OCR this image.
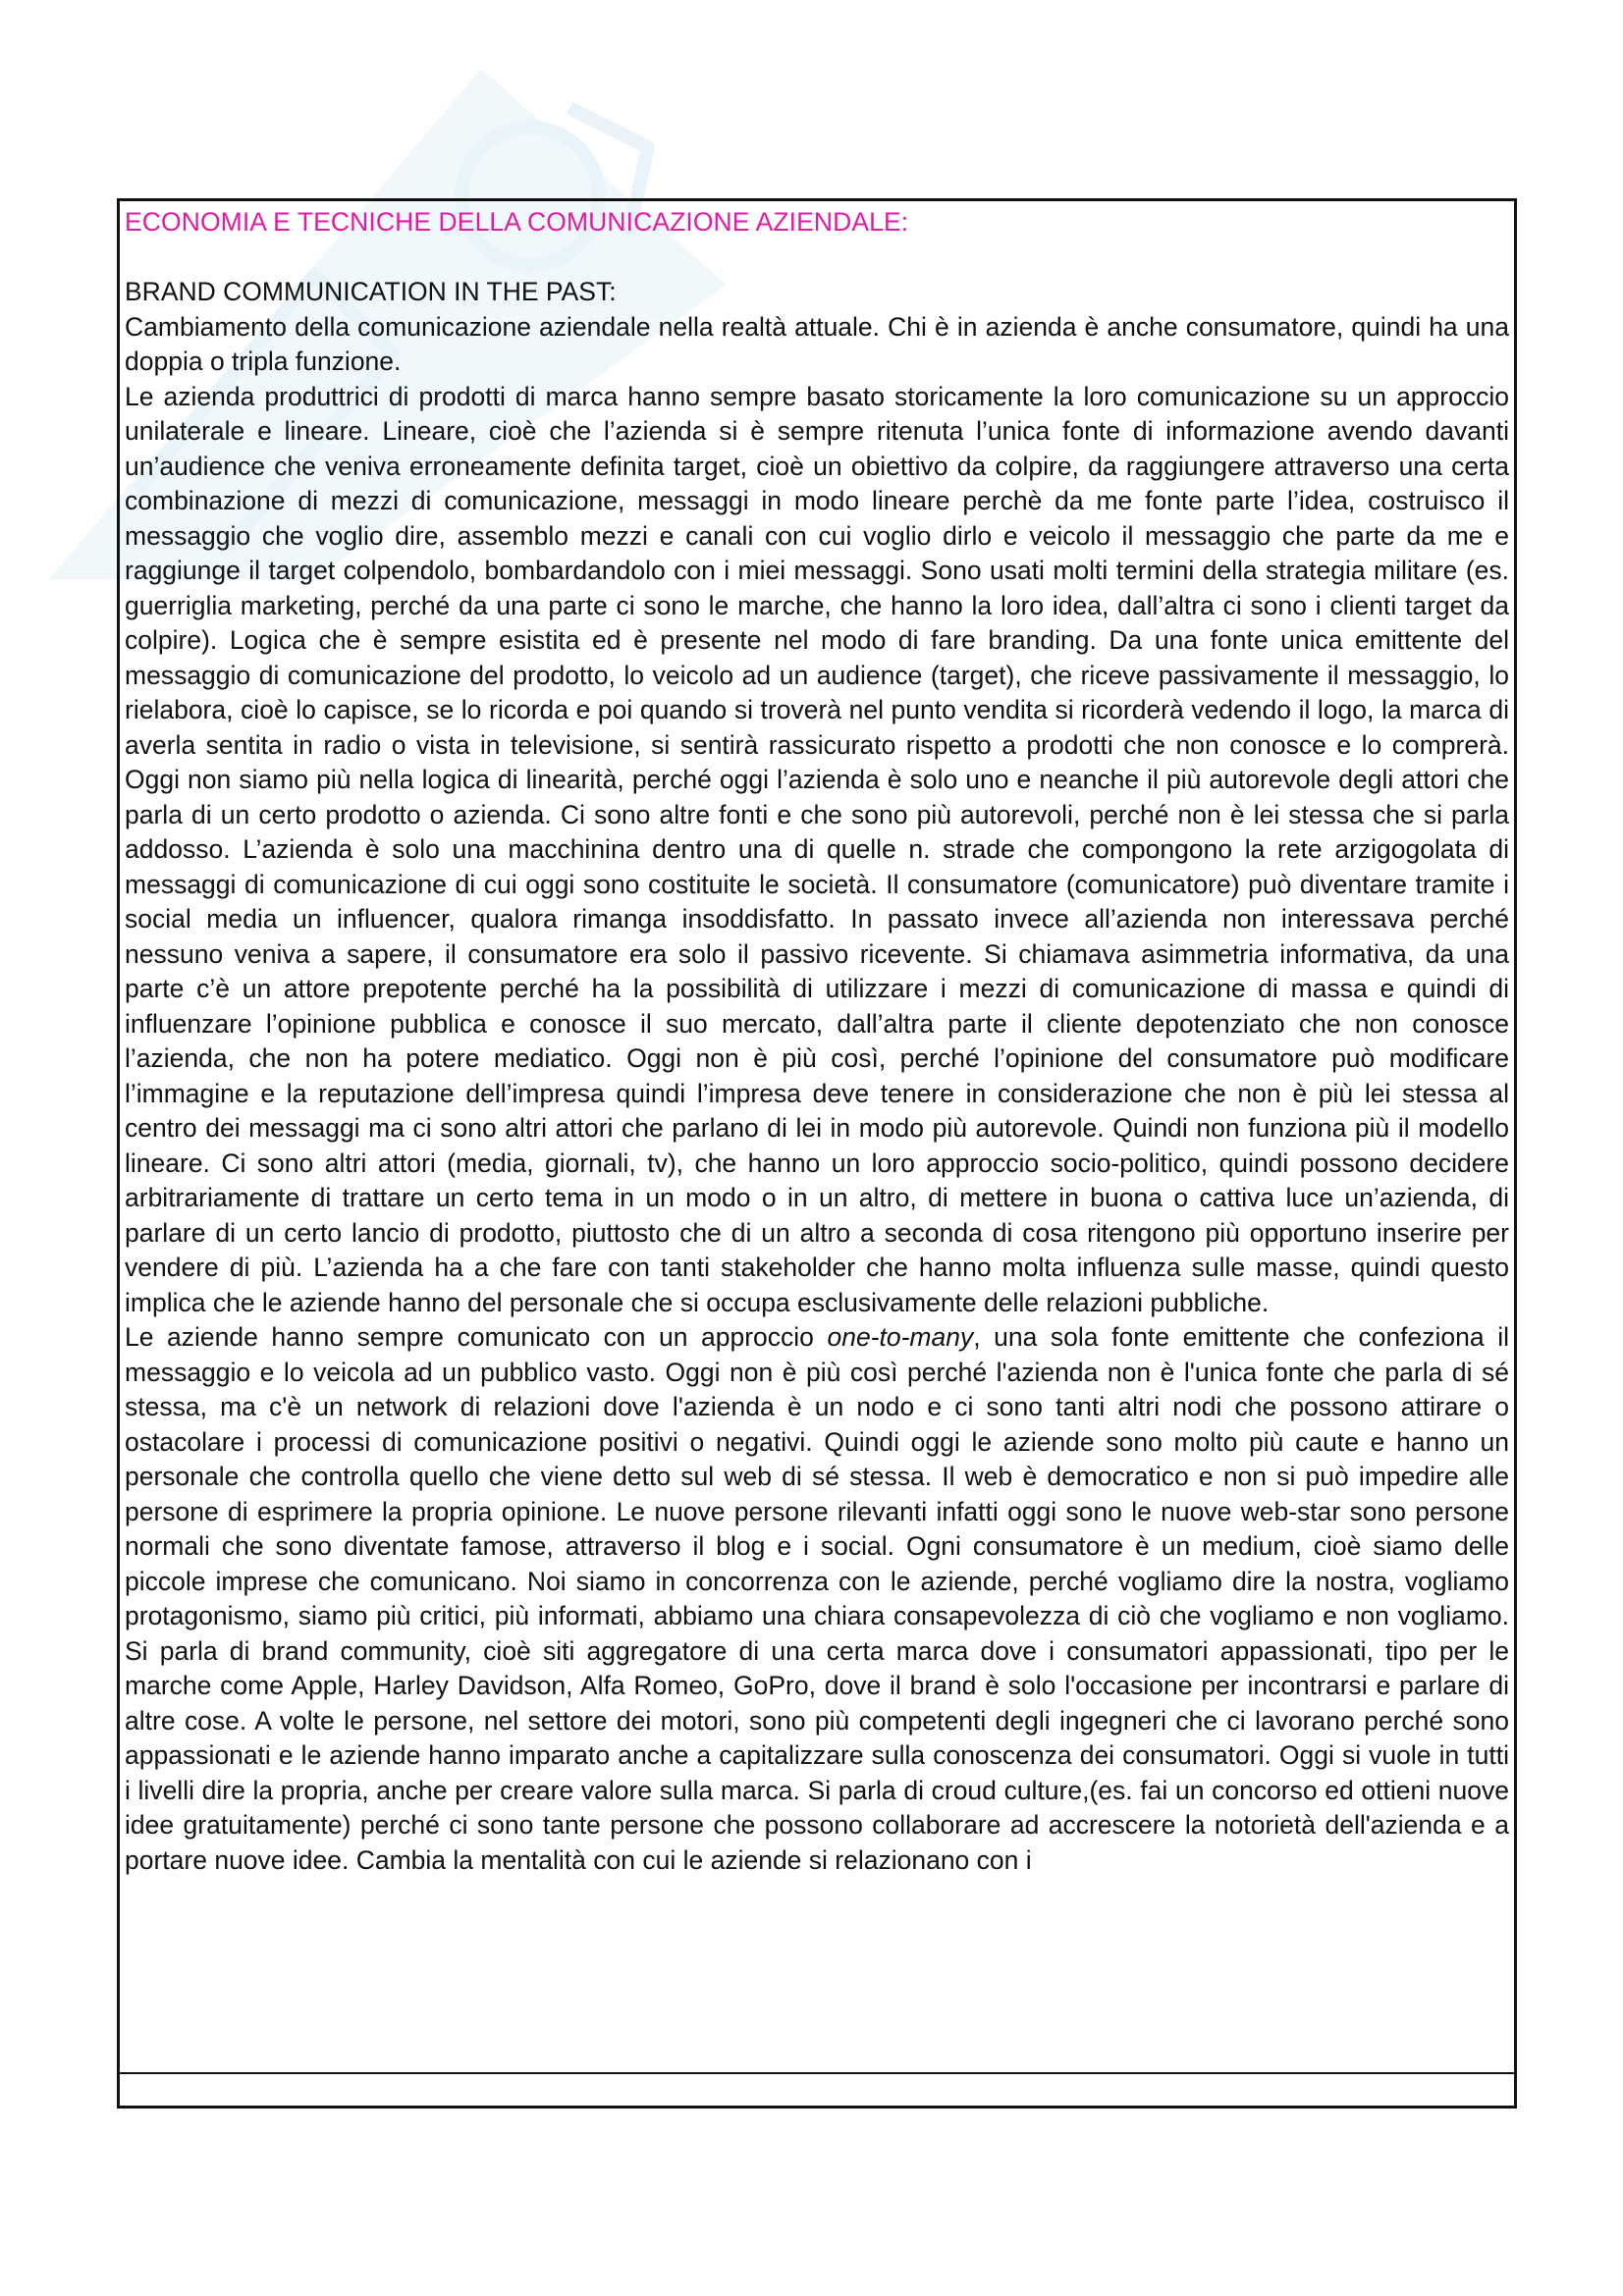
ECONOMIA E TECNICHE DELLA COMUNICAZIONE AZIENDALE:
BRAND COMMUNICATION IN THE PAST:

Cambiamento della comunicazione aziendale nella realtà attuale. Chi è in azienda è anche consumatore, quindi ha una doppia o tripla funzione.

Le azienda produttrici di prodotti di marca hanno sempre basato storicamente la loro comunicazione su un approccio unilaterale e lineare. Lineare, cioè che l’azienda si è sempre ritenuta l’unica fonte di informazione avendo davanti un’audience che veniva erroneamente definita target, cioè un obiettivo da colpire, da raggiungere attraverso una certa combinazione di mezzi di comunicazione, messaggi in modo lineare perchè da me fonte parte l’idea, costruisco il messaggio che voglio dire, assemblo mezzi e canali con cui voglio dirlo e veicolo il messaggio che parte da me e raggiunge il target colpendolo, bombardandolo con i miei messaggi. Sono usati molti termini della strategia militare (es. guerriglia marketing, perché da una parte ci sono le marche, che hanno la loro idea, dall’altra ci sono i clienti target da colpire). Logica che è sempre esistita ed è presente nel modo di fare branding. Da una fonte unica emittente del messaggio di comunicazione del prodotto, lo veicolo ad un audience (target), che riceve passivamente il messaggio, lo rielabora, cioè lo capisce, se lo ricorda e poi quando si troverà nel punto vendita si ricorderà vedendo il logo, la marca di averla sentita in radio o vista in televisione, si sentirà rassicurato rispetto a prodotti che non conosce e lo comprerà. Oggi non siamo più nella logica di linearità, perché oggi l’azienda è solo uno e neanche il più autorevole degli attori che parla di un certo prodotto o azienda. Ci sono altre fonti e che sono più autorevoli, perché non è lei stessa che si parla addosso. L’azienda è solo una macchinina dentro una di quelle n. strade che compongono la rete arzigogolata di messaggi di comunicazione di cui oggi sono costituite le società. Il consumatore (comunicatore) può diventare tramite i social media un influencer, qualora rimanga insoddisfatto. In passato invece all’azienda non interessava perché nessuno veniva a sapere, il consumatore era solo il passivo ricevente. Si chiamava asimmetria informativa, da una parte c’è un attore prepotente perché ha la possibilità di utilizzare i mezzi di comunicazione di massa e quindi di influenzare l’opinione pubblica e conosce il suo mercato, dall’altra parte il cliente depotenziato che non conosce l’azienda, che non ha potere mediatico. Oggi non è più così, perché l’opinione del consumatore può modificare l’immagine e la reputazione dell’impresa quindi l’impresa deve tenere in considerazione che non è più lei stessa al centro dei messaggi ma ci sono altri attori che parlano di lei in modo più autorevole. Quindi non funziona più il modello lineare. Ci sono altri attori (media, giornali, tv), che hanno un loro approccio socio-politico, quindi possono decidere arbitrariamente di trattare un certo tema in un modo o in un altro, di mettere in buona o cattiva luce un’azienda, di parlare di un certo lancio di prodotto, piuttosto che di un altro a seconda di cosa ritengono più opportuno inserire per vendere di più. L’azienda ha a che fare con tanti stakeholder che hanno molta influenza sulle masse, quindi questo implica che le aziende hanno del personale che si occupa esclusivamente delle relazioni pubbliche.

Le aziende hanno sempre comunicato con un approccio one-to-many, una sola fonte emittente che confeziona il messaggio e lo veicola ad un pubblico vasto. Oggi non è più così perché l'azienda non è l'unica fonte che parla di sé stessa, ma c'è un network di relazioni dove l'azienda è un nodo e ci sono tanti altri nodi che possono attirare o ostacolare i processi di comunicazione positivi o negativi. Quindi oggi le aziende sono molto più caute e hanno un personale che controlla quello che viene detto sul web di sé stessa. Il web è democratico e non si può impedire alle persone di esprimere la propria opinione. Le nuove persone rilevanti infatti oggi sono le nuove web-star sono persone normali che sono diventate famose, attraverso il blog e i social. Ogni consumatore è un medium, cioè siamo delle piccole imprese che comunicano. Noi siamo in concorrenza con le aziende, perché vogliamo dire la nostra, vogliamo protagonismo, siamo più critici, più informati, abbiamo una chiara consapevolezza di ciò che vogliamo e non vogliamo. Si parla di brand community, cioè siti aggregatore di una certa marca dove i consumatori appassionati, tipo per le marche come Apple, Harley Davidson, Alfa Romeo, GoPro, dove il brand è solo l'occasione per incontrarsi e parlare di altre cose. A volte le persone, nel settore dei motori, sono più competenti degli ingegneri che ci lavorano perché sono appassionati e le aziende hanno imparato anche a capitalizzare sulla conoscenza dei consumatori. Oggi si vuole in tutti i livelli dire la propria, anche per creare valore sulla marca. Si parla di croud culture,(es. fai un concorso ed ottieni nuove idee gratuitamente) perché ci sono tante persone che possono collaborare ad accrescere la notorietà dell'azienda e a portare nuove idee. Cambia la mentalità con cui le aziende si relazionano con i
